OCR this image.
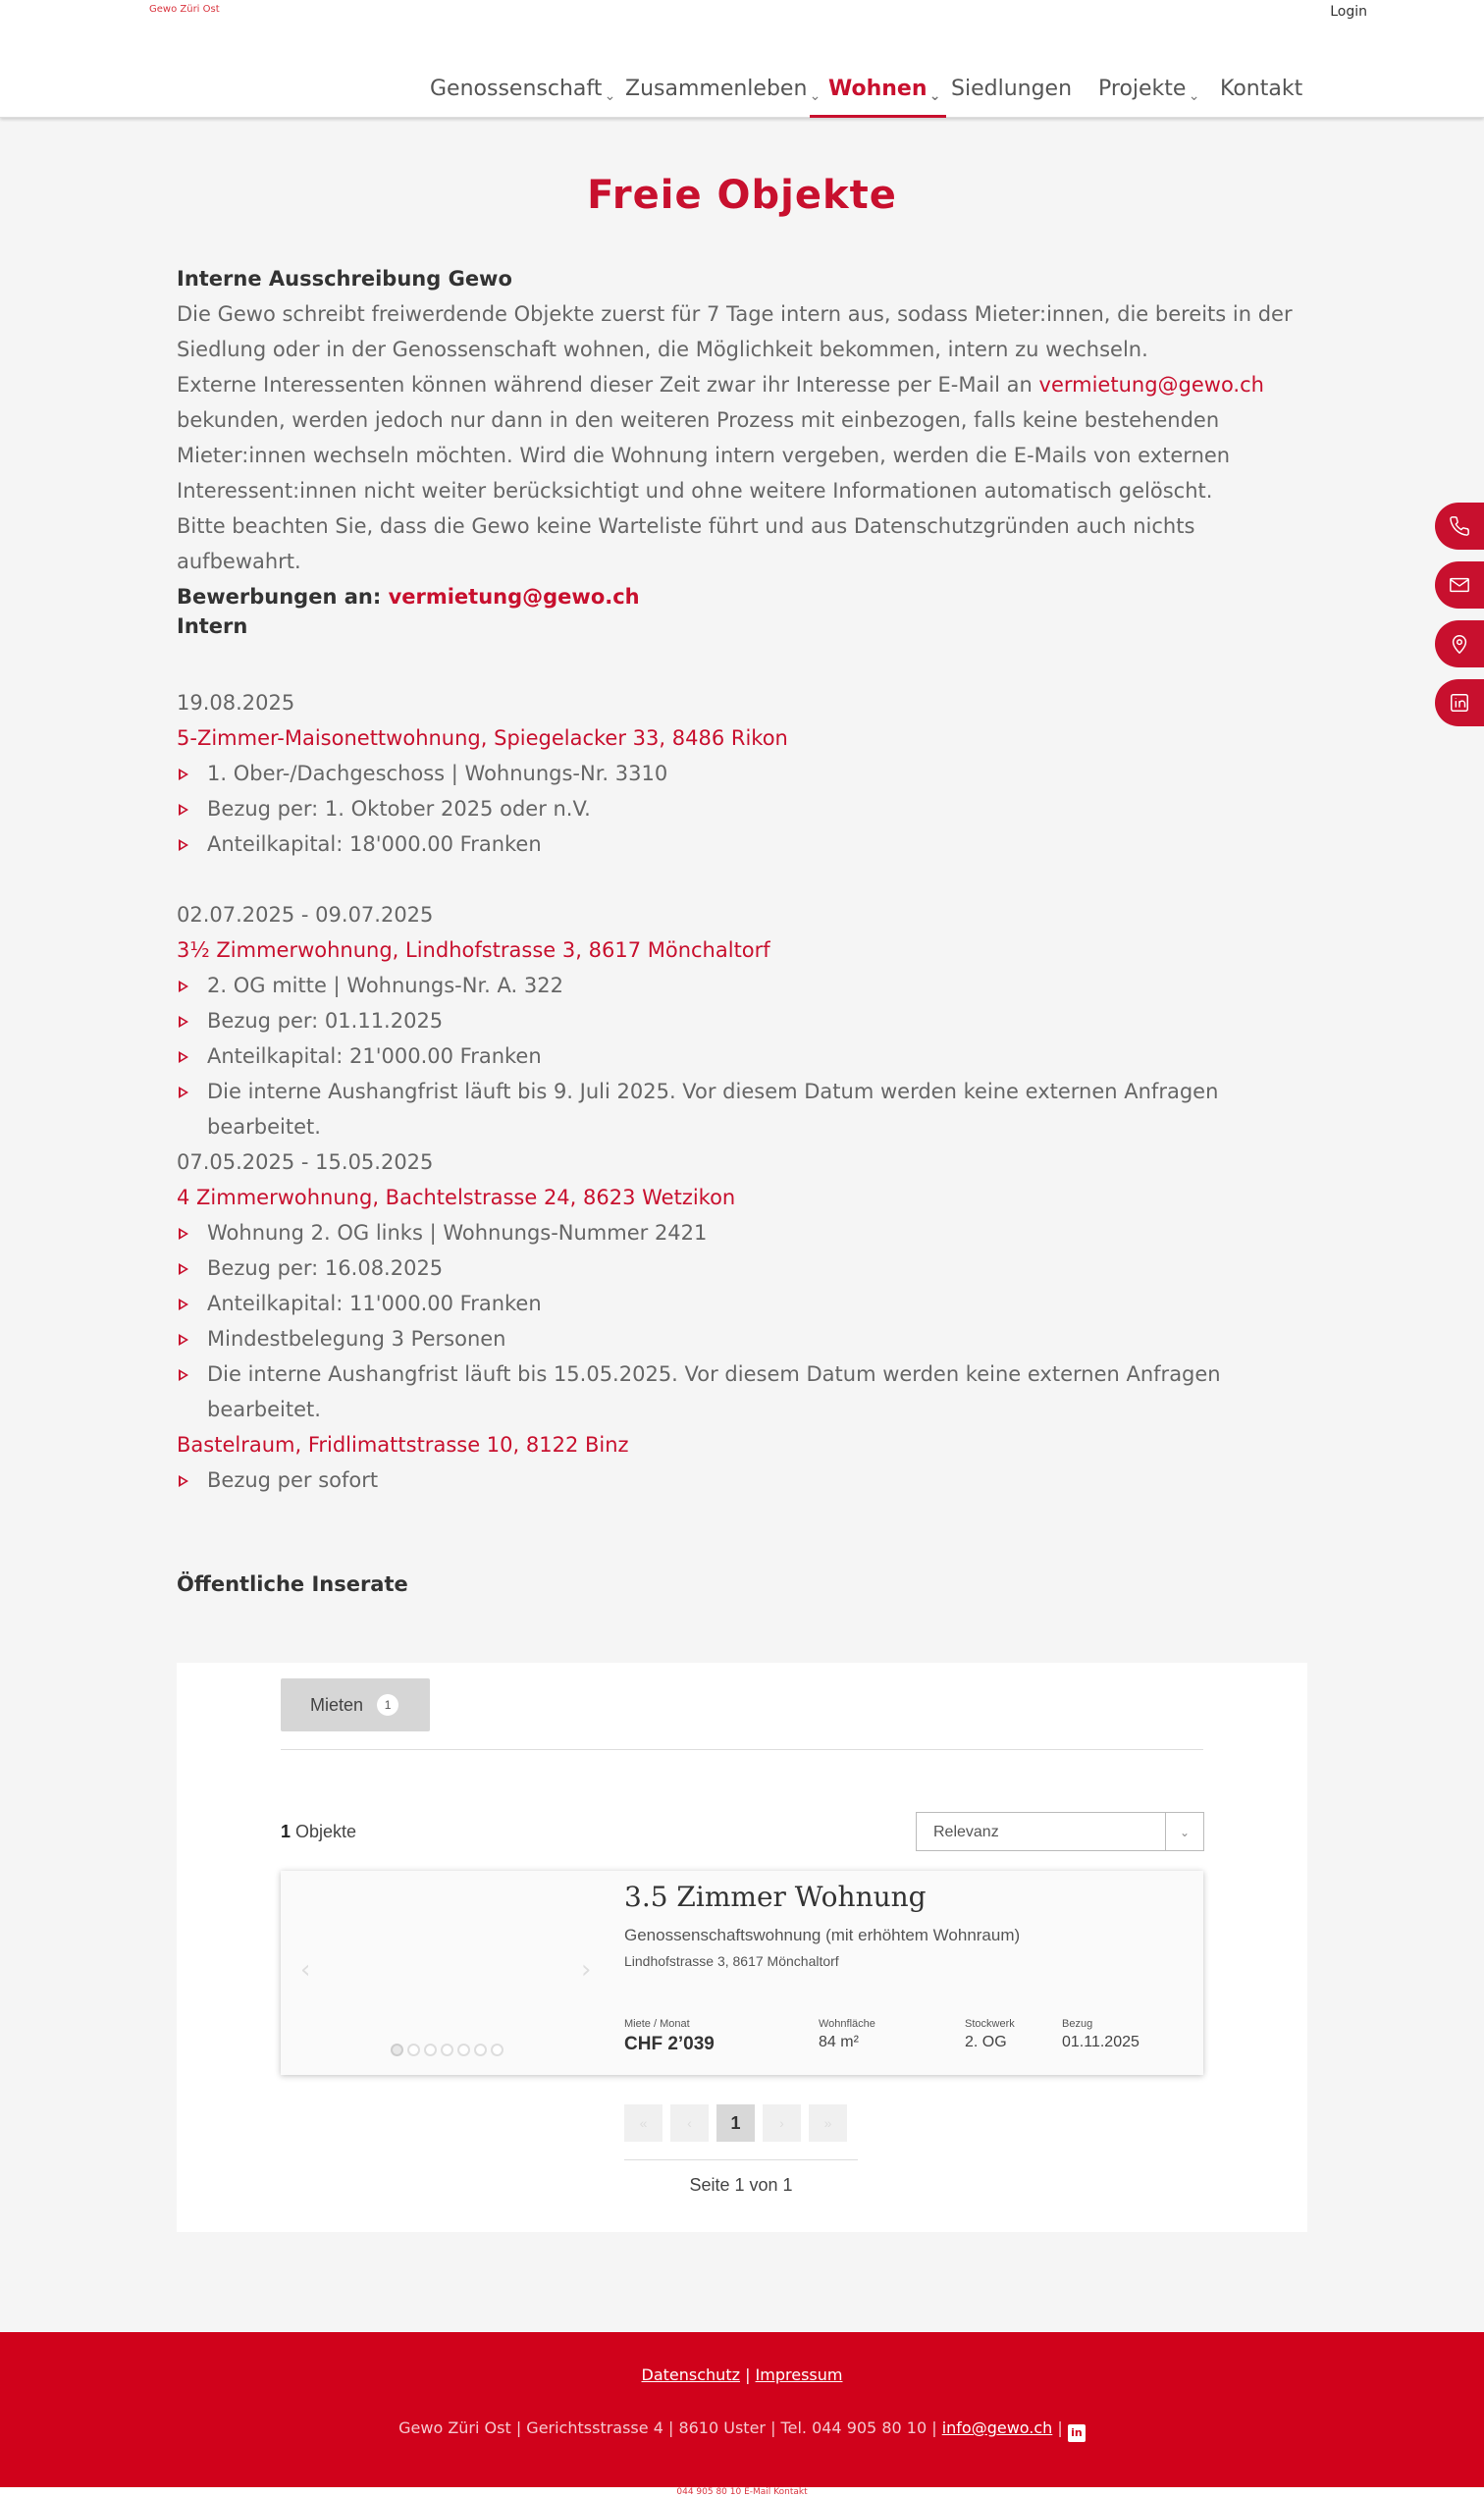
Gewo Züri Ost	Login
Genossenschaft ⌄ Zusammenleben ⌄ Wohnen ⌄ Siedlungen Projekte ⌄ Kontakt
Freie Objekte
Interne Ausschreibung Gewo
Die Gewo schreibt freiwerdende Objekte zuerst für 7 Tage intern aus, sodass Mieter:innen, die bereits in der Siedlung oder in der Genossenschaft wohnen, die Möglichkeit bekommen, intern zu wechseln.
Externe Interessenten können während dieser Zeit zwar ihr Interesse per E-Mail an vermietung@gewo.ch bekunden, werden jedoch nur dann in den weiteren Prozess mit einbezogen, falls keine bestehenden Mieter:innen wechseln möchten. Wird die Wohnung intern vergeben, werden die E-Mails von externen Interessent:innen nicht weiter berücksichtigt und ohne weitere Informationen automatisch gelöscht.
Bitte beachten Sie, dass die Gewo keine Warteliste führt und aus Datenschutzgründen auch nichts aufbewahrt.
Bewerbungen an: vermietung@gewo.ch
Intern
19.08.2025
5-Zimmer-Maisonettwohnung, Spiegelacker 33, 8486 Rikon
1. Ober-/Dachgeschoss | Wohnungs-Nr. 3310
Bezug per: 1. Oktober 2025 oder n.V.
Anteilkapital: 18'000.00 Franken
02.07.2025 - 09.07.2025
3½ Zimmerwohnung, Lindhofstrasse 3, 8617 Mönchaltorf
2. OG mitte | Wohnungs-Nr. A. 322
Bezug per: 01.11.2025
Anteilkapital: 21'000.00 Franken
Die interne Aushangfrist läuft bis 9. Juli 2025. Vor diesem Datum werden keine externen Anfragen bearbeitet.
07.05.2025 - 15.05.2025
4 Zimmerwohnung, Bachtelstrasse 24, 8623 Wetzikon
Wohnung 2. OG links | Wohnungs-Nummer 2421
Bezug per: 16.08.2025
Anteilkapital: 11'000.00 Franken
Mindestbelegung 3 Personen
Die interne Aushangfrist läuft bis 15.05.2025. Vor diesem Datum werden keine externen Anfragen bearbeitet.
Bastelraum, Fridlimattstrasse 10, 8122 Binz
Bezug per sofort
Öffentliche Inserate
Mieten	1
1 Objekte	Relevanz	⌄
‹	›
3.5 Zimmer Wohnung
Genossenschaftswohnung (mit erhöhtem Wohnraum)
Lindhofstrasse 3, 8617 Mönchaltorf
Miete / Monat
CHF 2’039
Wohnfläche
84 m²
Stockwerk
2. OG
Bezug
01.11.2025
«	‹	1	›	»
Seite 1 von 1
Datenschutz | Impressum
Gewo Züri Ost | Gerichtsstrasse 4 | 8610 Uster | Tel. 044 905 80 10 | info@gewo.ch | in
044 905 80 10 E-Mail Kontakt
